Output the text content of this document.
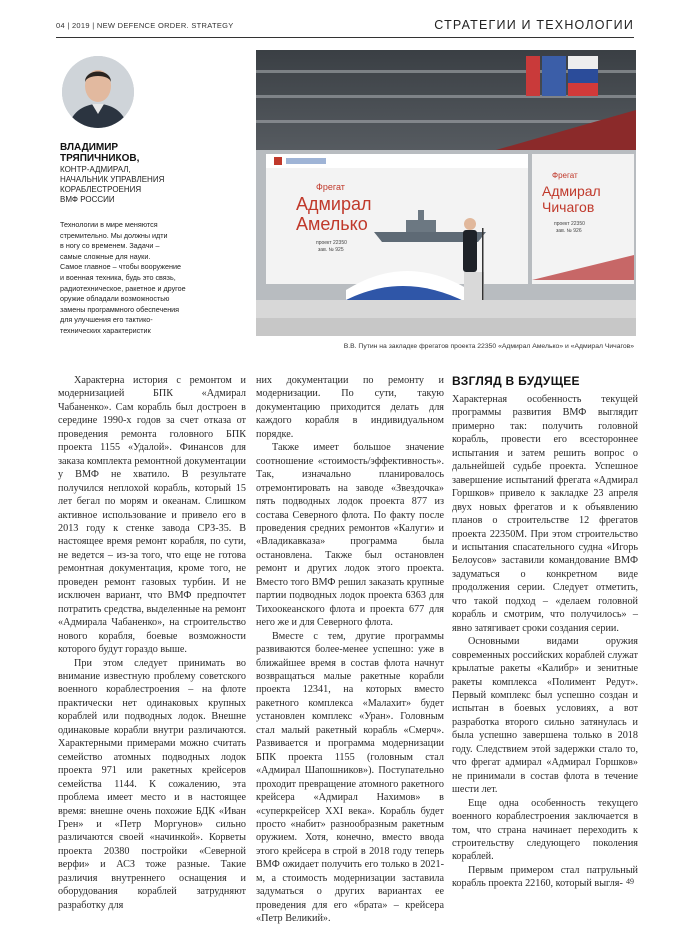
04 | 2019 | NEW DEFENCE ORDER. STRATEGY	СТРАТЕГИИ И ТЕХНОЛОГИИ
ВЛАДИМИР
ТРЯПИЧНИКОВ,
КОНТР-АДМИРАЛ,
НАЧАЛЬНИК УПРАВЛЕНИЯ
КОРАБЛЕСТРОЕНИЯ
ВМФ РОССИИ
Технологии в мире меняются
стремительно. Мы должны идти
в ногу со временем. Задачи –
самые сложные для науки.
Самое главное – чтобы вооружение
и военная техника, будь это связь,
радиотехническое, ракетное и другое
оружие обладали возможностью
замены программного обеспечения
для улучшения его тактико-
технических характеристик
Фрегат
Адмирал
Амелько
проект 22350
зав. № 925
Фрегат
Адмирал
Чичагов
проект 22350
зав. № 926
В.В. Путин на закладке фрегатов проекта 22350 «Адмирал Амелько» и «Адмирал Чичагов»

Характерна история с ремонтом и модернизацией БПК «Адмирал Чабаненко». Сам корабль был достроен в середине 1990-х годов за счет отказа от проведения ремонта головного БПК проекта 1155 «Удалой». Финансов для заказа комплекта ремонтной документации у ВМФ не хватило. В результате получился неплохой корабль, который 15 лет бегал по морям и океанам. Слишком активное использование и привело его в 2013 году к стенке завода СРЗ-35. В настоящее время ремонт корабля, по сути, не ведется – из-за того, что еще не готова ремонтная документация, кроме того, не проведен ремонт газовых турбин. И не исключен вариант, что ВМФ предпочтет потратить средства, выделенные на ремонт «Адмирала Чабаненко», на строительство нового корабля, боевые возможности которого будут гораздо выше.

При этом следует принимать во внимание известную проблему советского военного кораблестроения – на флоте практически нет одинаковых крупных кораблей или подводных лодок. Внешне одинаковые корабли внутри различаются. Характерными примерами можно считать семейство атомных подводных лодок проекта 971 или ракетных крейсеров семейства 1144. К сожалению, эта проблема имеет место и в настоящее время: внешне очень похожие БДК «Иван Грен» и «Петр Моргунов» сильно различаются своей «начинкой». Корветы проекта 20380 постройки «Северной верфи» и АСЗ тоже разные. Такие различия внутреннего оснащения и оборудования кораблей затрудняют разработку для

них документации по ремонту и модернизации. По сути, такую документацию приходится делать для каждого корабля в индивидуальном порядке.

Также имеет большое значение соотношение «стоимость/эффективность». Так, изначально планировалось отремонтировать на заводе «Звездочка» пять подводных лодок проекта 877 из состава Северного флота. По факту после проведения средних ремонтов «Калуги» и «Владикавказа» программа была остановлена. Также был остановлен ремонт и других лодок этого проекта. Вместо того ВМФ решил заказать крупные партии подводных лодок проекта 6363 для Тихоокеанского флота и проекта 677 для него же и для Северного флота.

Вместе с тем, другие программы развиваются более-менее успешно: уже в ближайшее время в состав флота начнут возвращаться малые ракетные корабли проекта 12341, на которых вместо ракетного комплекса «Малахит» будет установлен комплекс «Уран». Головным стал малый ракетный корабль «Смерч». Развивается и программа модернизации БПК проекта 1155 (головным стал «Адмирал Шапошников»). Поступательно проходит превращение атомного ракетного крейсера «Адмирал Нахимов» в «суперкрейсер XXI века». Корабль будет просто «набит» разнообразным ракетным оружием. Хотя, конечно, вместо ввода этого крейсера в строй в 2018 году теперь ВМФ ожидает получить его только в 2021-м, а стоимость модернизации заставила задуматься о других вариантах ее проведения для его «брата» – крейсера «Петр Великий».

ВЗГЛЯД В БУДУЩЕЕ

Характерная особенность текущей программы развития ВМФ выглядит примерно так: получить головной корабль, провести его всестороннее испытания и затем решить вопрос о дальнейшей судьбе проекта. Успешное завершение испытаний фрегата «Адмирал Горшков» привело к закладке 23 апреля двух новых фрегатов и к объявлению планов о строительстве 12 фрегатов проекта 22350М. При этом строительство и испытания спасательного судна «Игорь Белоусов» заставили командование ВМФ задуматься о конкретном виде продолжения серии. Следует отметить, что такой подход – «делаем головной корабль и смотрим, что получилось» – явно затягивает сроки создания серии.

Основными видами оружия современных российских кораблей служат крылатые ракеты «Калибр» и зенитные ракеты комплекса «Полимент Редут». Первый комплекс был успешно создан и испытан в боевых условиях, а вот разработка второго сильно затянулась и была успешно завершена только в 2018 году. Следствием этой задержки стало то, что фрегат адмирал «Адмирал Горшков» не принимали в состав флота в течение шести лет.

Еще одна особенность текущего военного кораблестроения заключается в том, что страна начинает переходить к строительству следующего поколения кораблей.

Первым примером стал патрульный корабль проекта 22160, который выгля- 49
